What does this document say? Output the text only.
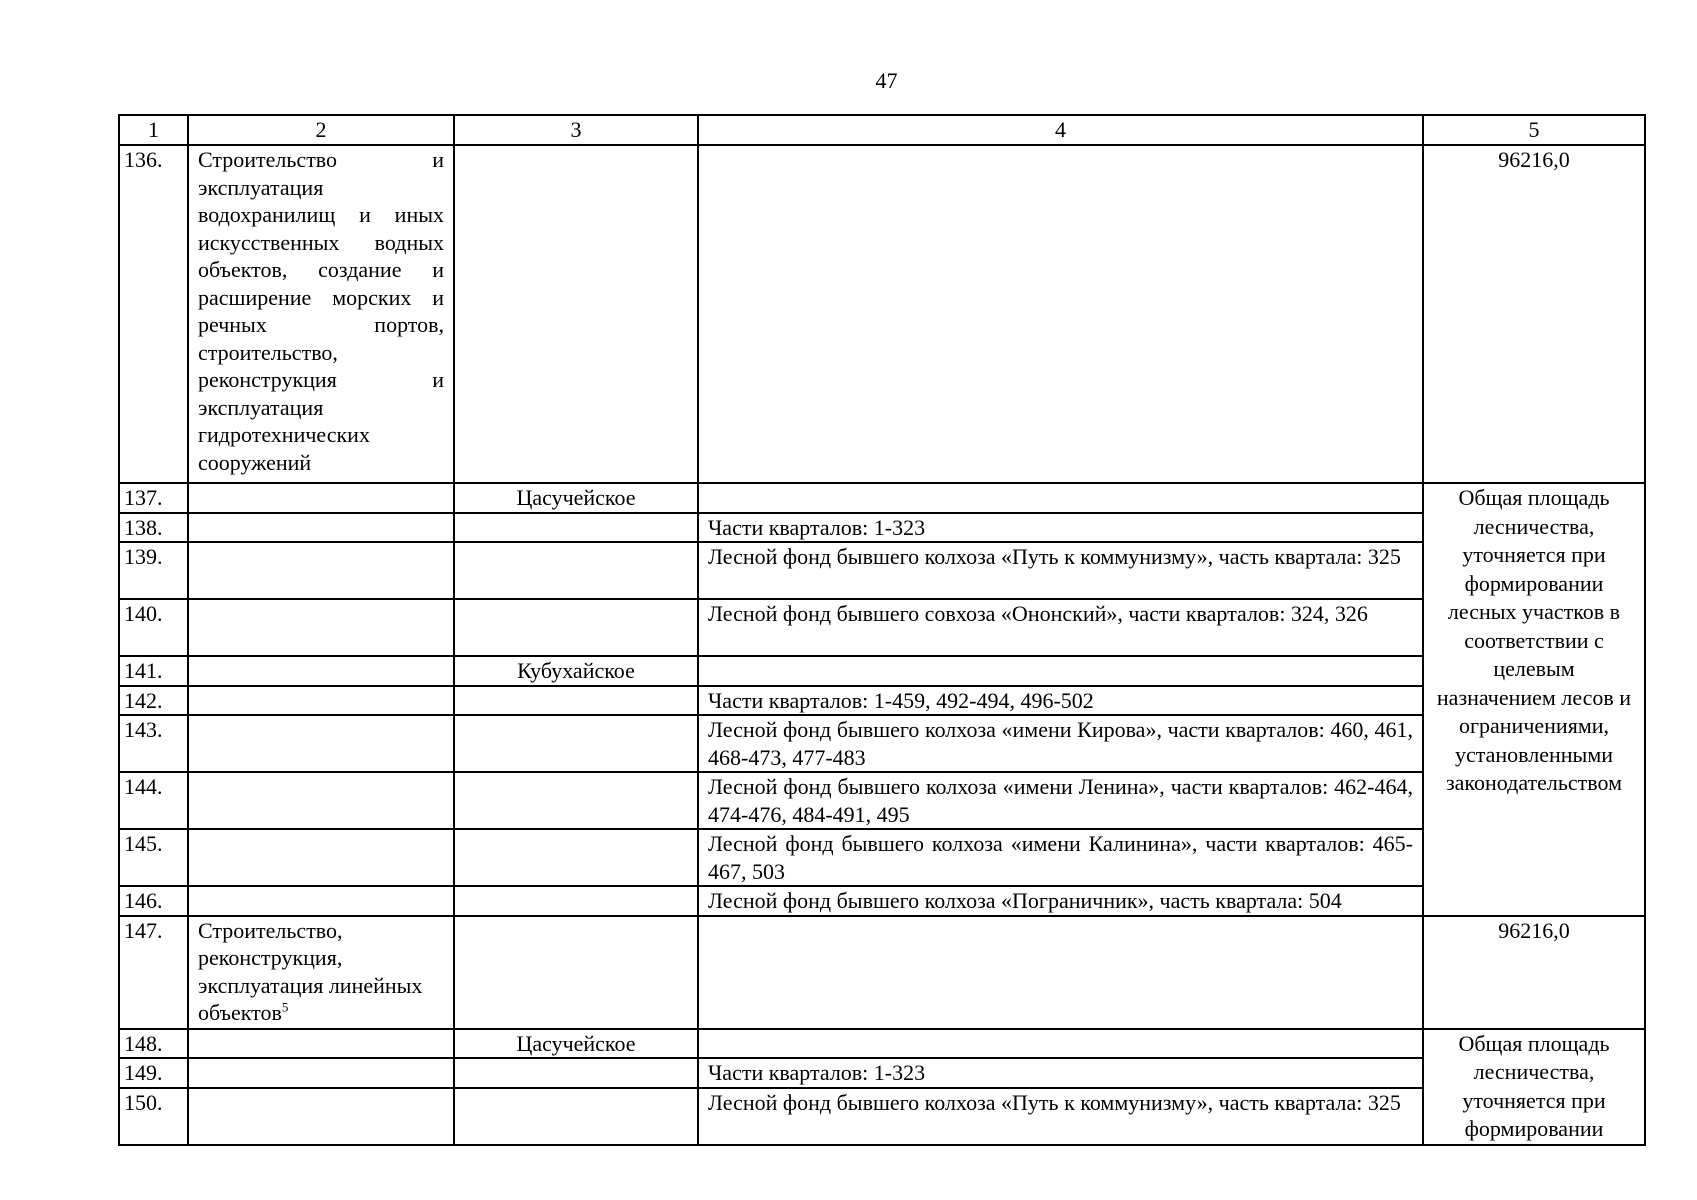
47
1	2	3	4	5
136.	Строительство и эксплуатация водохранилищ и иных искусственных водных объектов, создание и расширение морских и речных портов, строительство, реконструкция и эксплуатация гидротехнических сооружений			96216,0
137.		Цасучейское		Общая площадь лесничества, уточняется при формировании лесных участков в соответствии с целевым назначением лесов и ограничениями, установленными законодательством
138.			Части кварталов: 1-323	
139.			Лесной фонд бывшего колхоза «Путь к коммунизму», часть квартала: 325	
140.			Лесной фонд бывшего совхоза «Ононский», части кварталов: 324, 326	
141.		Кубухайское		
142.			Части кварталов: 1-459, 492-494, 496-502	
143.			Лесной фонд бывшего колхоза «имени Кирова», части кварталов: 460, 461, 468-473, 477-483	
144.			Лесной фонд бывшего колхоза «имени Ленина», части кварталов: 462-464, 474-476, 484-491, 495	
145.			Лесной фонд бывшего колхоза «имени Калинина», части кварталов: 465-467, 503	
146.			Лесной фонд бывшего колхоза «Пограничник», часть квартала: 504	
147.	Строительство, реконструкция, эксплуатация линейных объектов$^5$			96216,0
148.		Цасучейское		Общая площадь лесничества, уточняется при формировании
149.			Части кварталов: 1-323	
150.			Лесной фонд бывшего колхоза «Путь к коммунизму», часть квартала: 325	
